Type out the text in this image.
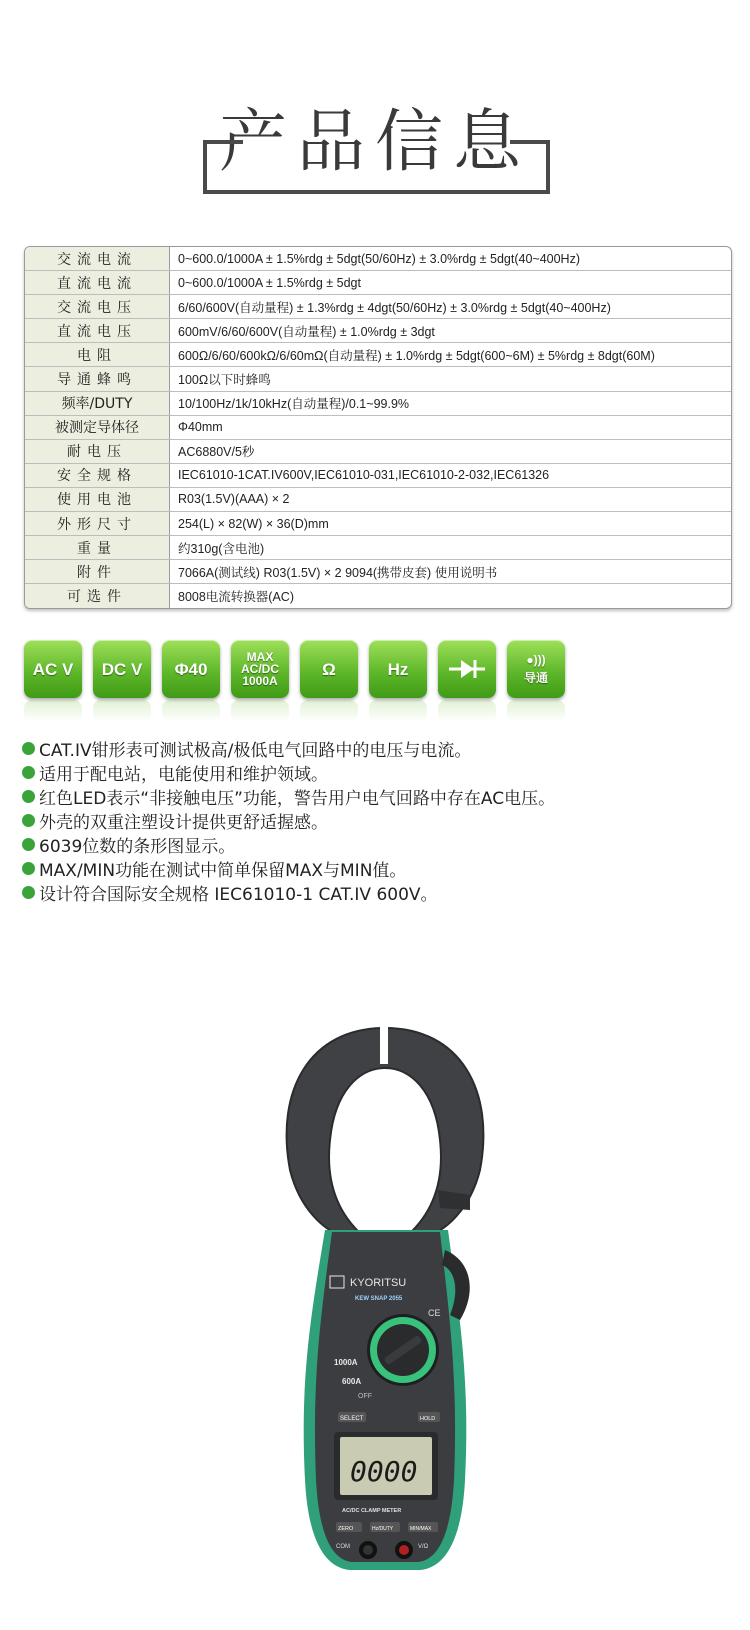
产品信息
交流电流	0~600.0/1000A ± 1.5%rdg ± 5dgt(50/60Hz) ± 3.0%rdg ± 5dgt(40~400Hz)
直流电流	0~600.0/1000A ± 1.5%rdg ± 5dgt
交流电压	6/60/600V(自动量程) ± 1.3%rdg ± 4dgt(50/60Hz) ± 3.0%rdg ± 5dgt(40~400Hz)
直流电压	600mV/6/60/600V(自动量程) ± 1.0%rdg ± 3dgt
电阻	600Ω/6/60/600kΩ/6/60mΩ(自动量程) ± 1.0%rdg ± 5dgt(600~6M) ± 5%rdg ± 8dgt(60M)
导通蜂鸣	100Ω以下时蜂鸣
频率/DUTY	10/100Hz/1k/10kHz(自动量程)/0.1~99.9%
被测定导体径	Φ40mm
耐电压	AC6880V/5秒
安全规格	IEC61010-1CAT.IV600V,IEC61010-031,IEC61010-2-032,IEC61326
使用电池	R03(1.5V)(AAA) × 2
外形尺寸	254(L) × 82(W) × 36(D)mm
重量	约310g(含电池)
附件	7066A(测试线) R03(1.5V) × 2 9094(携带皮套) 使用说明书
可选件	8008电流转换器(AC)
AC V DC V Φ40
MAX
AC/DC
1000A
Ω	Hz	●)))
导通
CAT.IV钳形表可测试极高/极低电气回路中的电压与电流。
适用于配电站，电能使用和维护领域。
红色LED表示“非接触电压”功能，警告用户电气回路中存在AC电压。
外壳的双重注塑设计提供更舒适握感。
6039位数的条形图显示。
MAX/MIN功能在测试中简单保留MAX与MIN值。
设计符合国际安全规格 IEC61010-1 CAT.IV 600V。
KYORITSU
KEW SNAP 2055
CE
1000A
600A
OFF
SELECT	HOLD
0000
AC/DC CLAMP METER
ZERO	Hz/DUTY	MIN/MAX
COM	V/Ω
